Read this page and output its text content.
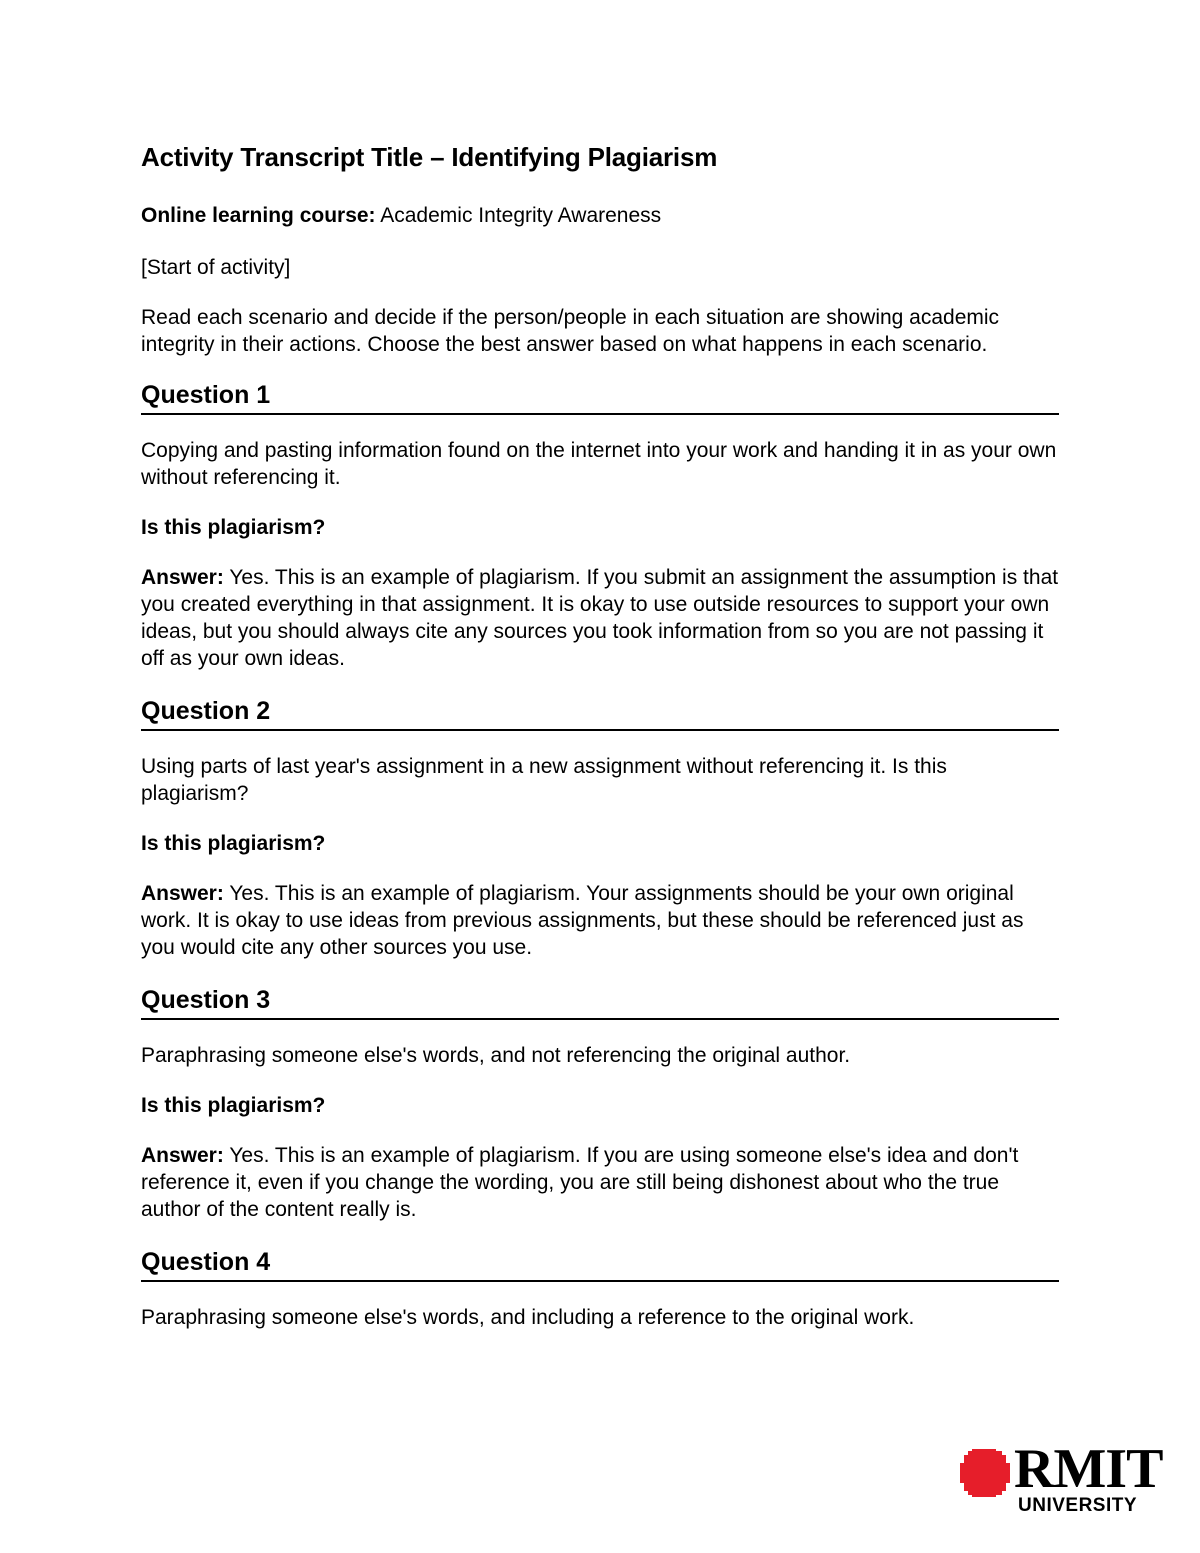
Activity Transcript Title – Identifying Plagiarism

Online learning course: Academic Integrity Awareness

[Start of activity]

Read each scenario and decide if the person/people in each situation are showing academic integrity in their actions. Choose the best answer based on what happens in each scenario.

Question 1

Copying and pasting information found on the internet into your work and handing it in as your own without referencing it.

Is this plagiarism?

Answer: Yes. This is an example of plagiarism. If you submit an assignment the assumption is that you created everything in that assignment. It is okay to use outside resources to support your own ideas, but you should always cite any sources you took information from so you are not passing it off as your own ideas.

Question 2

Using parts of last year's assignment in a new assignment without referencing it. Is this plagiarism?

Is this plagiarism?

Answer: Yes. This is an example of plagiarism. Your assignments should be your own original work. It is okay to use ideas from previous assignments, but these should be referenced just as you would cite any other sources you use.

Question 3

Paraphrasing someone else's words, and not referencing the original author.

Is this plagiarism?

Answer: Yes. This is an example of plagiarism. If you are using someone else's idea and don't reference it, even if you change the wording, you are still being dishonest about who the true author of the content really is.

Question 4

Paraphrasing someone else's words, and including a reference to the original work.

RMIT
UNIVERSITY
